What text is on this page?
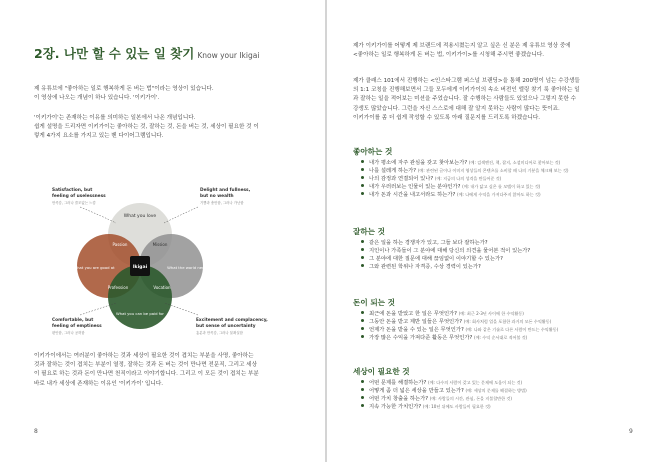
2장. 나만 할 수 있는 일 찾기 Know your Ikigai
제 유튜브에 "좋아하는 일로 행복하게 돈 버는 법"이라는 영상이 있습니다.
이 영상에 나오는 개념이 하나 있습니다. '이키가이'.
'이키가이'는 존재하는 이유를 의미하는 일본에서 나온 개념입니다.
쉽게 설명을 드리자면 이키가이는 좋아하는 것, 잘하는 것, 돈을 버는 것, 세상이 필요한 것 이
렇게 4가지 요소를 가지고 있는 벤 다이어그램입니다.
What you love
What you are good at	What the world need
What you can be paid for
Passion	Mission
Profession	Vocation
Ikigai
Satisfaction, but
feeling of uselessness
만족감, 그러나 쓸모없는 느낌
Delight and fullness,
but no wealth
기쁨과 충만함, 그러나 가난함
Comfortable, but
feeling of emptiness
편안함, 그러나 공허함
Excitement and complacency,
but sense of uncertainty
흥분과 만족감, 그러나 불확실함
이키가이에서는 여러분이 좋아하는 것과 세상이 필요한 것이 겹치는 부분을 사명, 좋아하는
것과 잘하는 것이 겹치는 부분이 열정, 잘하는 것과 돈 버는 것이 만나면 전문직, 그리고 세상
이 필요로 하는 것과 돈이 만나면 천직이라고 이야기합니다. 그리고 이 모든 것이 겹치는 부분
바로 내가 세상에 존재하는 이유인 '이키가이' 입니다.
8
제가 이키가이를 어떻게 제 브랜드에 적용시켰는지 알고 싶은 신 분은 제 유튜브 영상 중에
<좋아하는 일로 행복하게 돈 버는 법, 이키가이>를 시청해 주시면 좋겠습니다.
제가 클래스 101에서 진행하는 <인스타그램 퍼스널 브랜딩>을 통해 200명이 넘는 수강생들
의 1:1 코칭을 진행해보면서 그들 모두에게 이키가이의 속소 버전인 엘링 찾기 룩 좋아하는 일
과 잘하는 일을 적어보는 미션을 주었습니다. 잘 수행하는 사람들도 있었으나 그렇지 못한 수
강생도 많았습니다. 그런을 자신 스스로에 대해 잘 알지 못하는 사람이 많다는 뜻이죠.
이키가이를 좀 더 쉽게 작성할 수 있도록 아래 질문지를 드리도록 하겠습니다.
좋아하는 것
내가 평소에 자주 관심을 갖고 찾아보는가? (예: 검색엔진, 책, 잡지, 소셜미디어로 찾아보는 것)
나를 설레게 하는가? (예: 관련된 글이나 이미지 영상들의 콘텐츠를 소비할 때 나의 기분을 체크해 보는 것)
나의 감정과 연결되어 있나? (예: 지금의 나의 성격을 만들어준 것)
내가 우러러보는 인물이 있는 분야인가? (예: 내가 닮고 싶은 롤 모델이 하고 있는 것)
내가 돈과 시간을 내고서라도 하는가? (예: 나에게 수익을 가져다주지 않아도 하는 것)
잘하는 것
같은 일을 하는 경쟁자가 있고, 그들 보다 잘하는가?
지인이나 가족들이 그 분야에 대해 당신의 의견을 물어본 적이 있는가?
그 분야에 대한 질문에 대해 끊임없이 이야기할 수 있는가?
그와 관련된 학위나 자격증, 수상 경력이 있는가?
돈이 되는 것
최근에 돈을 받았고 한 일은 무엇인가? (예: 최근 2-3년 사이에 한 수익활동)
그동안 돈을 받고 제반 일들은 무엇인가? (예: 회사처럼 업을 포함한 과거의 모든 수익활동)
언제가 돈을 받을 수 있는 일은 무엇인가? (예: 나와 같은 기술로 다른 사람이 만드는 수익활동)
가장 많은 수익을 가져다준 활동은 무엇인가? (예: 수익 순서대로 적어볼 것)
세상이 필요한 것
어떤 문제를 해결하는가? (예: 다수의 사람이 갖고 있는 문제에 도움이 되는 것)
어떻게 좀 더 넓은 세상을 만들고 있는가? (예: 세상의 문제를 해결하는 방법)
어떤 가치 창출을 하는가? (예: 사람들의 시간, 관심, 돈을 지불할만한 것)
지속 가능한 가치인가? (예: 10년 뒤에도 사람들이 필요한 것)
9
